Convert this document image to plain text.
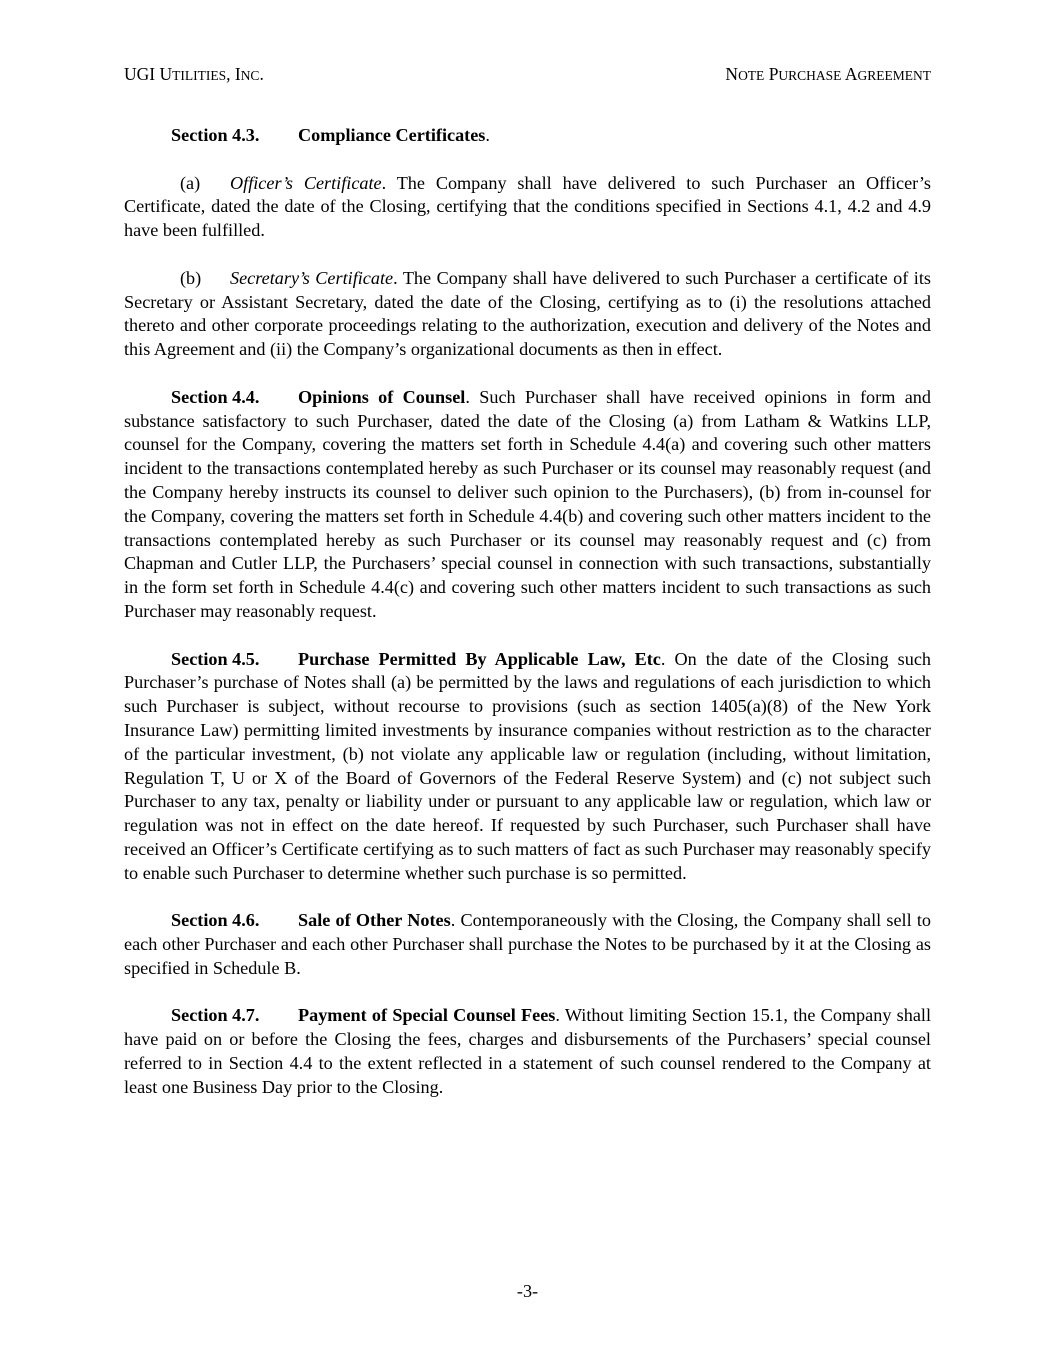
UGI UTILITIES, INC.	NOTE PURCHASE AGREEMENT

Section 4.3. Compliance Certificates.

(a) Officer’s Certificate. The Company shall have delivered to such Purchaser an Officer’s Certificate, dated the date of the Closing, certifying that the conditions specified in Sections 4.1, 4.2 and 4.9 have been fulfilled.

(b) Secretary’s Certificate. The Company shall have delivered to such Purchaser a certificate of its Secretary or Assistant Secretary, dated the date of the Closing, certifying as to (i) the resolutions attached thereto and other corporate proceedings relating to the authorization, execution and delivery of the Notes and this Agreement and (ii) the Company’s organizational documents as then in effect.

Section 4.4. Opinions of Counsel. Such Purchaser shall have received opinions in form and substance satisfactory to such Purchaser, dated the date of the Closing (a) from Latham & Watkins LLP, counsel for the Company, covering the matters set forth in Schedule 4.4(a) and covering such other matters incident to the transactions contemplated hereby as such Purchaser or its counsel may reasonably request (and the Company hereby instructs its counsel to deliver such opinion to the Purchasers), (b) from in-counsel for the Company, covering the matters set forth in Schedule 4.4(b) and covering such other matters incident to the transactions contemplated hereby as such Purchaser or its counsel may reasonably request and (c) from Chapman and Cutler LLP, the Purchasers’ special counsel in connection with such transactions, substantially in the form set forth in Schedule 4.4(c) and covering such other matters incident to such transactions as such Purchaser may reasonably request.

Section 4.5. Purchase Permitted By Applicable Law, Etc. On the date of the Closing such Purchaser’s purchase of Notes shall (a) be permitted by the laws and regulations of each jurisdiction to which such Purchaser is subject, without recourse to provisions (such as section 1405(a)(8) of the New York Insurance Law) permitting limited investments by insurance companies without restriction as to the character of the particular investment, (b) not violate any applicable law or regulation (including, without limitation, Regulation T, U or X of the Board of Governors of the Federal Reserve System) and (c) not subject such Purchaser to any tax, penalty or liability under or pursuant to any applicable law or regulation, which law or regulation was not in effect on the date hereof. If requested by such Purchaser, such Purchaser shall have received an Officer’s Certificate certifying as to such matters of fact as such Purchaser may reasonably specify to enable such Purchaser to determine whether such purchase is so permitted.

Section 4.6. Sale of Other Notes. Contemporaneously with the Closing, the Company shall sell to each other Purchaser and each other Purchaser shall purchase the Notes to be purchased by it at the Closing as specified in Schedule B.

Section 4.7. Payment of Special Counsel Fees. Without limiting Section 15.1, the Company shall have paid on or before the Closing the fees, charges and disbursements of the Purchasers’ special counsel referred to in Section 4.4 to the extent reflected in a statement of such counsel rendered to the Company at least one Business Day prior to the Closing.

-3-
